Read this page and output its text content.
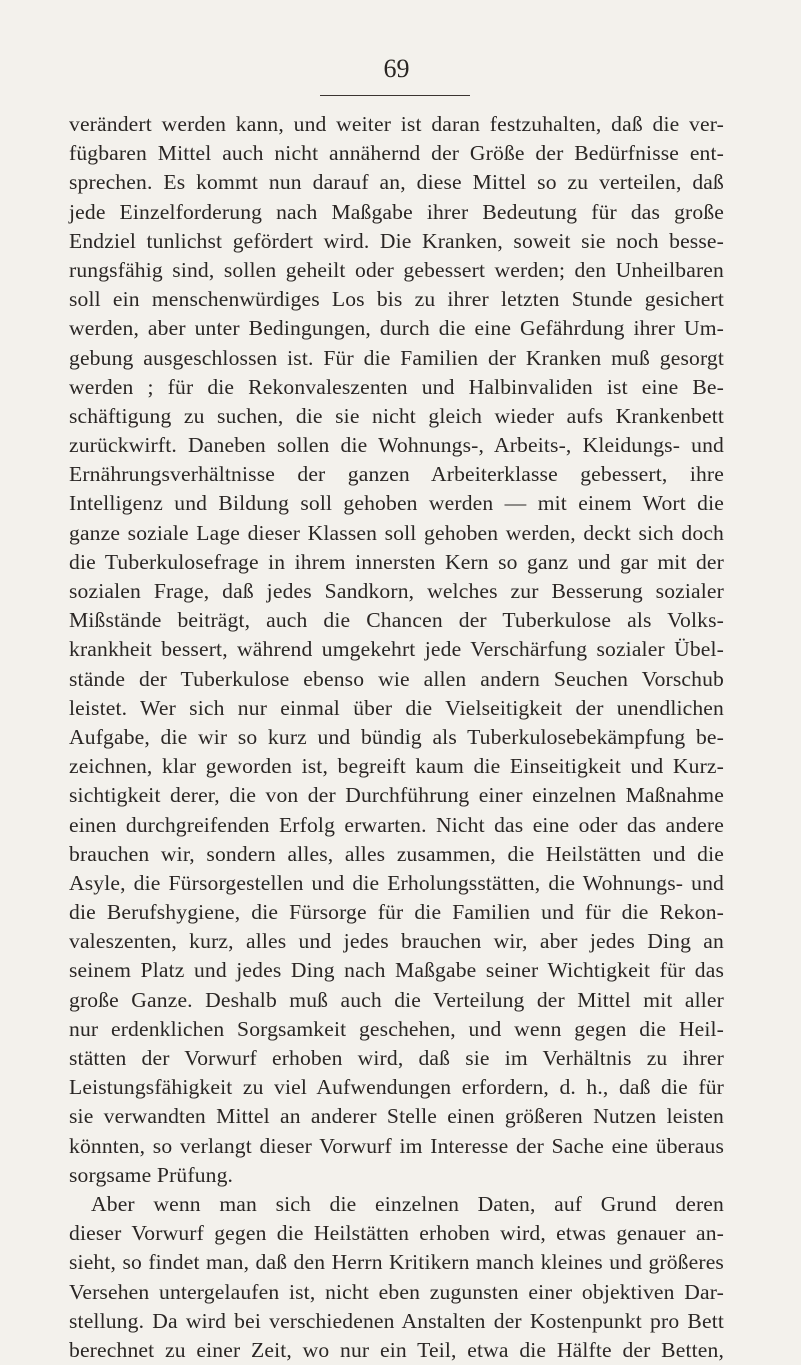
69
verändert werden kann, und weiter ist daran festzuhalten, daß die ver-
fügbaren Mittel auch nicht annähernd der Größe der Bedürfnisse ent-
sprechen. Es kommt nun darauf an, diese Mittel so zu verteilen, daß
jede Einzelforderung nach Maßgabe ihrer Bedeutung für das große
Endziel tunlichst gefördert wird. Die Kranken, soweit sie noch besse-
rungsfähig sind, sollen geheilt oder gebessert werden; den Unheilbaren
soll ein menschenwürdiges Los bis zu ihrer letzten Stunde gesichert
werden, aber unter Bedingungen, durch die eine Gefährdung ihrer Um-
gebung ausgeschlossen ist. Für die Familien der Kranken muß gesorgt
werden ; für die Rekonvaleszenten und Halbinvaliden ist eine Be-
schäftigung zu suchen, die sie nicht gleich wieder aufs Krankenbett
zurückwirft. Daneben sollen die Wohnungs-, Arbeits-, Kleidungs- und
Ernährungsverhältnisse der ganzen Arbeiterklasse gebessert, ihre
Intelligenz und Bildung soll gehoben werden — mit einem Wort die
ganze soziale Lage dieser Klassen soll gehoben werden, deckt sich doch
die Tuberkulosefrage in ihrem innersten Kern so ganz und gar mit der
sozialen Frage, daß jedes Sandkorn, welches zur Besserung sozialer
Mißstände beiträgt, auch die Chancen der Tuberkulose als Volks-
krankheit bessert, während umgekehrt jede Verschärfung sozialer Übel-
stände der Tuberkulose ebenso wie allen andern Seuchen Vorschub
leistet. Wer sich nur einmal über die Vielseitigkeit der unendlichen
Aufgabe, die wir so kurz und bündig als Tuberkulosebekämpfung be-
zeichnen, klar geworden ist, begreift kaum die Einseitigkeit und Kurz-
sichtigkeit derer, die von der Durchführung einer einzelnen Maßnahme
einen durchgreifenden Erfolg erwarten. Nicht das eine oder das andere
brauchen wir, sondern alles, alles zusammen, die Heilstätten und die
Asyle, die Fürsorgestellen und die Erholungsstätten, die Wohnungs- und
die Berufshygiene, die Fürsorge für die Familien und für die Rekon-
valeszenten, kurz, alles und jedes brauchen wir, aber jedes Ding an
seinem Platz und jedes Ding nach Maßgabe seiner Wichtigkeit für das
große Ganze. Deshalb muß auch die Verteilung der Mittel mit aller
nur erdenklichen Sorgsamkeit geschehen, und wenn gegen die Heil-
stätten der Vorwurf erhoben wird, daß sie im Verhältnis zu ihrer
Leistungsfähigkeit zu viel Aufwendungen erfordern, d. h., daß die für
sie verwandten Mittel an anderer Stelle einen größeren Nutzen leisten
könnten, so verlangt dieser Vorwurf im Interesse der Sache eine überaus
sorgsame Prüfung.
Aber wenn man sich die einzelnen Daten, auf Grund deren
dieser Vorwurf gegen die Heilstätten erhoben wird, etwas genauer an-
sieht, so findet man, daß den Herrn Kritikern manch kleines und größeres
Versehen untergelaufen ist, nicht eben zugunsten einer objektiven Dar-
stellung. Da wird bei verschiedenen Anstalten der Kostenpunkt pro Bett
berechnet zu einer Zeit, wo nur ein Teil, etwa die Hälfte der Betten,
